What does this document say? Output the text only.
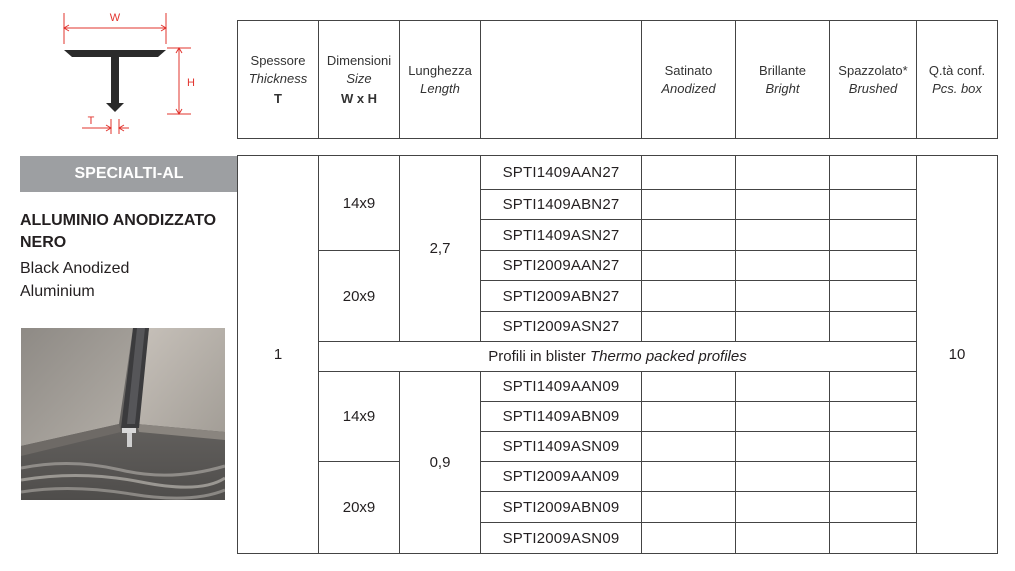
W
H
T
Spessore
Thickness
T
Dimensioni
Size
W x H
Lunghezza
Length
Satinato
Anodized
Brillante
Bright
Spazzolato*
Brushed
Q.tà conf.
Pcs. box
SPECIALTI-AL
ALLUMINIO ANODIZZATO
NERO
Black Anodized
Aluminium
1	10
14x9
20x9
2,7
SPTI1409AAN27
SPTI1409ABN27
SPTI1409ASN27
SPTI2009AAN27
SPTI2009ABN27
SPTI2009ASN27
Profili in blister
Thermo packed profiles
14x9
20x9
0,9
SPTI1409AAN09
SPTI1409ABN09
SPTI1409ASN09
SPTI2009AAN09
SPTI2009ABN09
SPTI2009ASN09
